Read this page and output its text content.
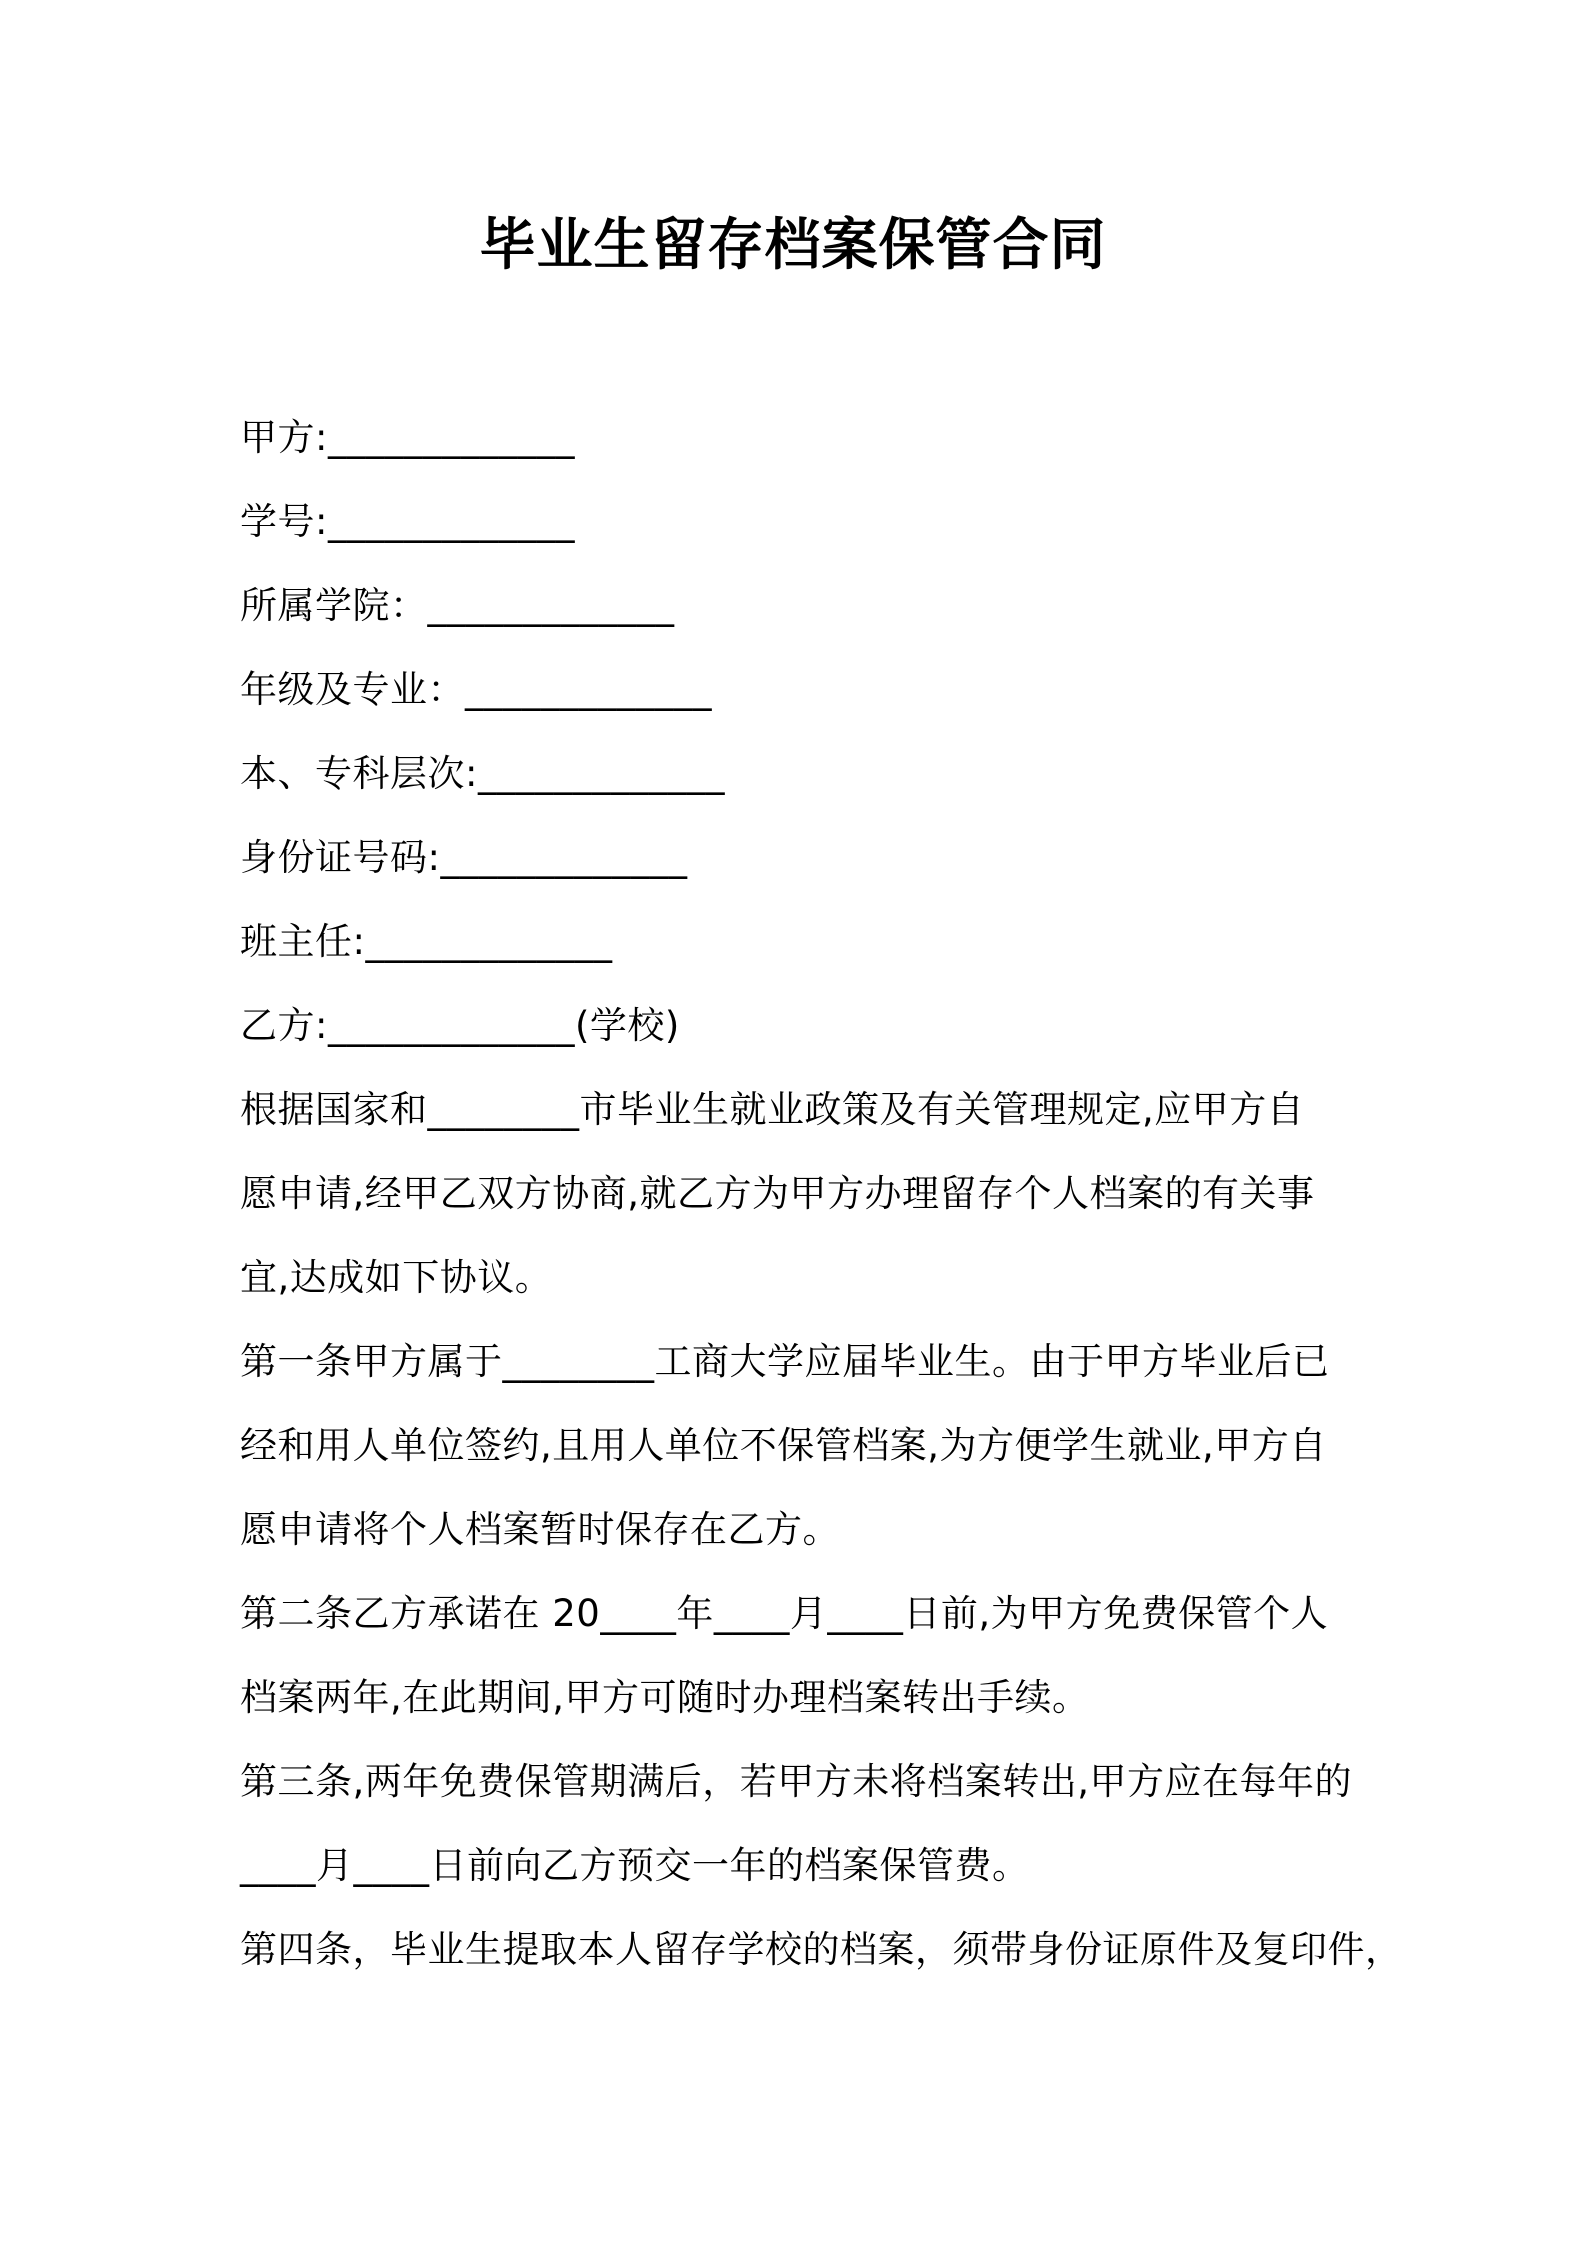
毕业生留存档案保管合同
甲方:_____________
学号:_____________
所属学院：_____________
年级及专业：_____________
本、专科层次:_____________
身份证号码:_____________
班主任:_____________
乙方:_____________(学校)
根据国家和________市毕业生就业政策及有关管理规定,应甲方自
愿申请,经甲乙双方协商,就乙方为甲方办理留存个人档案的有关事
宜,达成如下协议。
第一条甲方属于________工商大学应届毕业生。由于甲方毕业后已
经和用人单位签约,且用人单位不保管档案,为方便学生就业,甲方自
愿申请将个人档案暂时保存在乙方。
第二条乙方承诺在 20____年____月____日前,为甲方免费保管个人
档案两年,在此期间,甲方可随时办理档案转出手续。
第三条,两年免费保管期满后，若甲方未将档案转出,甲方应在每年的
____月____日前向乙方预交一年的档案保管费。
第四条，毕业生提取本人留存学校的档案，须带身份证原件及复印件，
